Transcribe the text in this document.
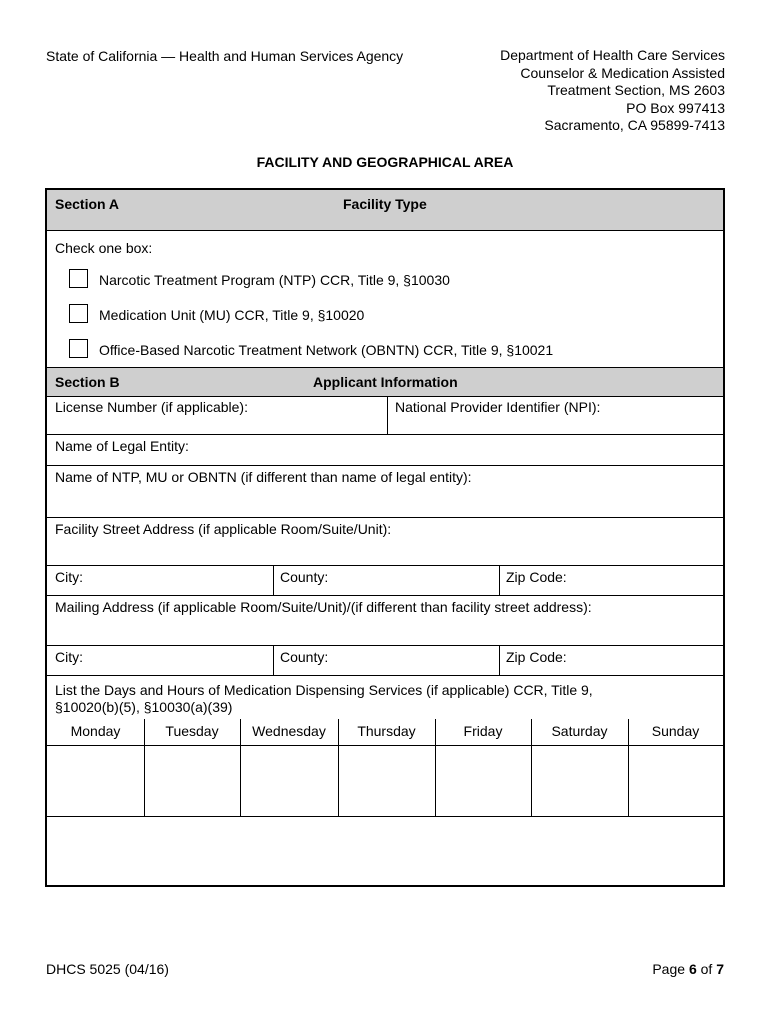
State of California — Health and Human Services Agency	Department of Health Care Services
Counselor & Medication Assisted
Treatment Section, MS 2603
PO Box 997413
Sacramento, CA 95899-7413
FACILITY AND GEOGRAPHICAL AREA
Section A	Facility Type
Check one box:
Narcotic Treatment Program (NTP) CCR, Title 9, §10030
Medication Unit (MU) CCR, Title 9, §10020
Office-Based Narcotic Treatment Network (OBNTN) CCR, Title 9, §10021
Section B	Applicant Information
License Number (if applicable):	National Provider Identifier (NPI):
Name of Legal Entity:
Name of NTP, MU or OBNTN (if different than name of legal entity):
Facility Street Address (if applicable Room/Suite/Unit):
City:	County:	Zip Code:
Mailing Address (if applicable Room/Suite/Unit)/(if different than facility street address):
City:	County:	Zip Code:
List the Days and Hours of Medication Dispensing Services (if applicable) CCR, Title 9,
§10020(b)(5), §10030(a)(39)
Monday	Tuesday	Wednesday	Thursday	Friday	Saturday	Sunday
DHCS 5025 (04/16)	Page 6 of 7
